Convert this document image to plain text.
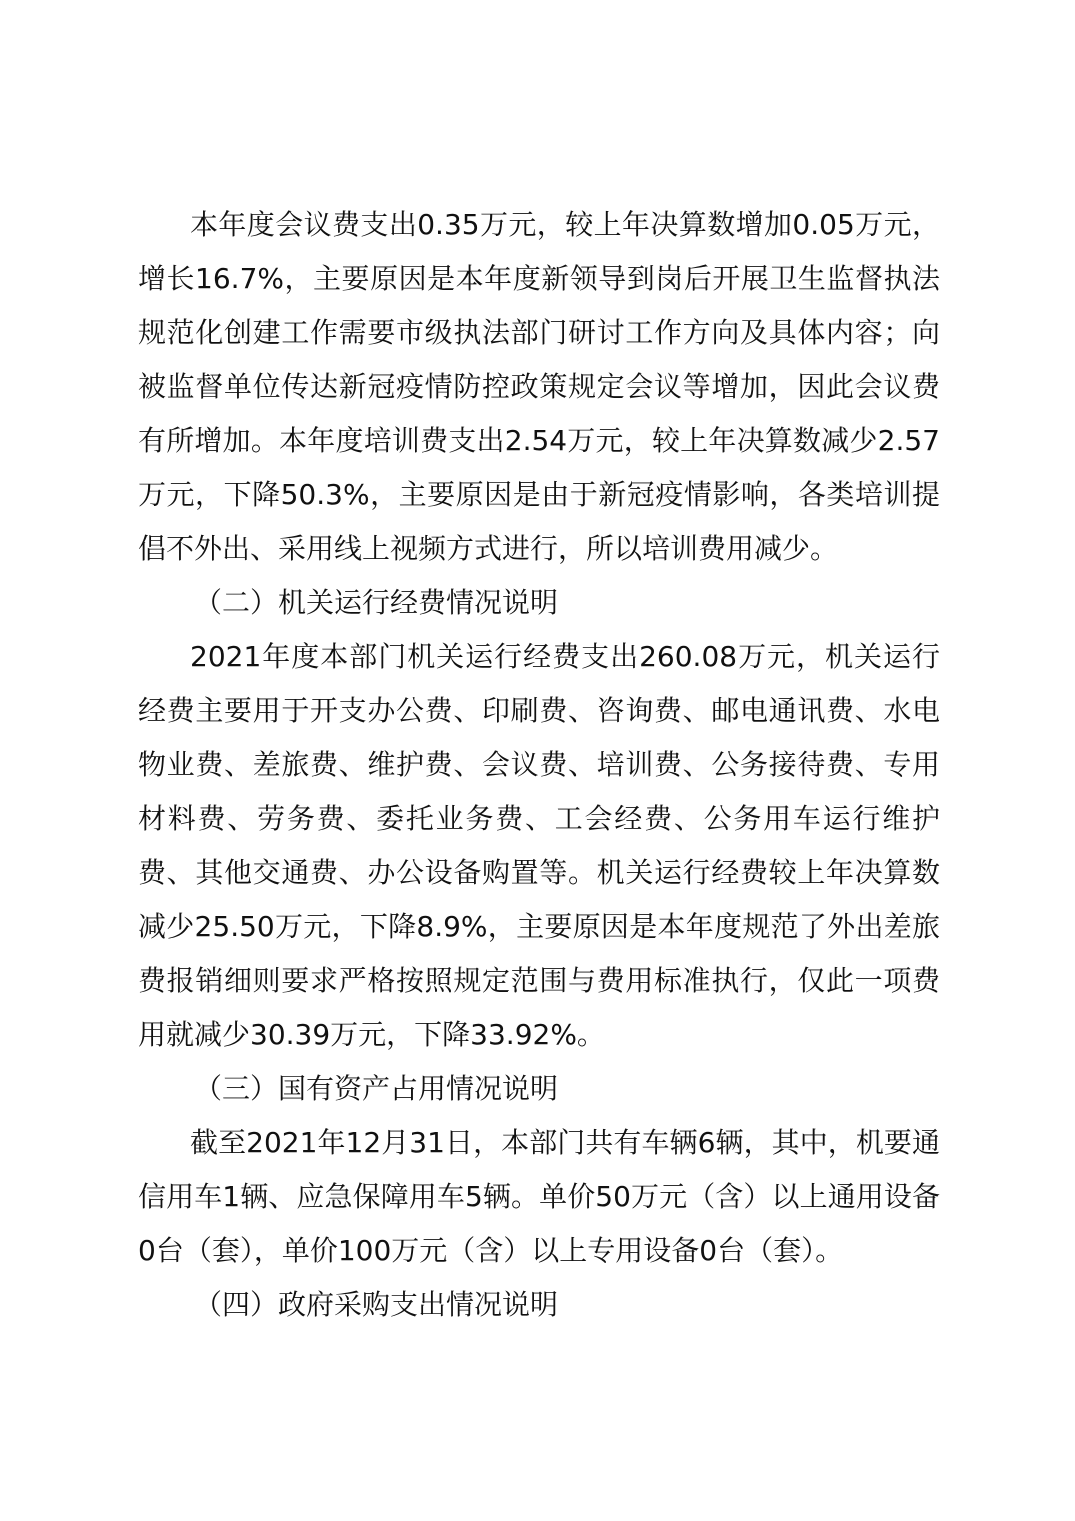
本年度会议费支出0.35万元，较上年决算数增加0.05万元，增长16.7%，主要原因是本年度新领导到岗后开展卫生监督执法规范化创建工作需要市级执法部门研讨工作方向及具体内容；向被监督单位传达新冠疫情防控政策规定会议等增加，因此会议费有所增加。本年度培训费支出2.54万元，较上年决算数减少2.57万元，下降50.3%，主要原因是由于新冠疫情影响，各类培训提倡不外出、采用线上视频方式进行，所以培训费用减少。

（二）机关运行经费情况说明

2021年度本部门机关运行经费支出260.08万元，机关运行经费主要用于开支办公费、印刷费、咨询费、邮电通讯费、水电物业费、差旅费、维护费、会议费、培训费、公务接待费、专用材料费、劳务费、委托业务费、工会经费、公务用车运行维护费、其他交通费、办公设备购置等。机关运行经费较上年决算数减少25.50万元，下降8.9%，主要原因是本年度规范了外出差旅费报销细则要求严格按照规定范围与费用标准执行，仅此一项费用就减少30.39万元，下降33.92%。

（三）国有资产占用情况说明

截至2021年12月31日，本部门共有车辆6辆，其中，机要通信用车1辆、应急保障用车5辆。单价50万元（含）以上通用设备0台（套），单价100万元（含）以上专用设备0台（套）。

（四）政府采购支出情况说明
